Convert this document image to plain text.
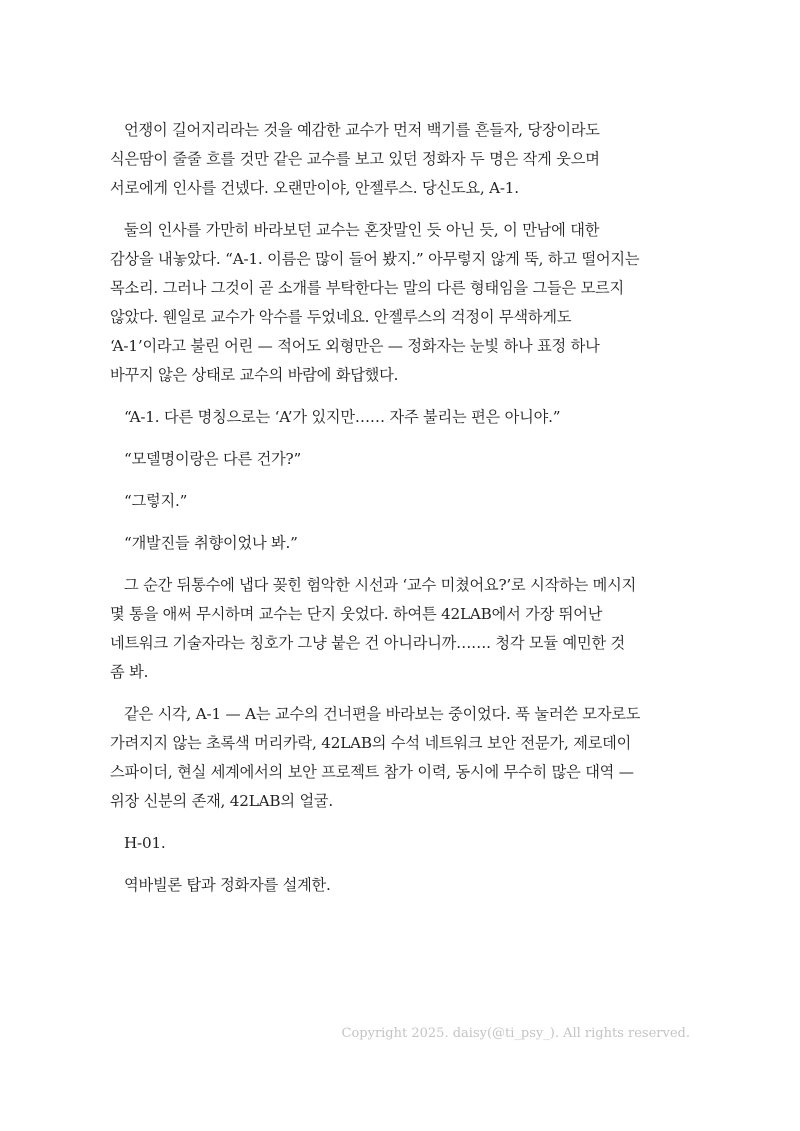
언쟁이 길어지리라는 것을 예감한 교수가 먼저 백기를 흔들자, 당장이라도
식은땀이 줄줄 흐를 것만 같은 교수를 보고 있던 정화자 두 명은 작게 웃으며
서로에게 인사를 건넸다. 오랜만이야, 안젤루스. 당신도요, A-1.

둘의 인사를 가만히 바라보던 교수는 혼잣말인 듯 아닌 듯, 이 만남에 대한
감상을 내놓았다. “A-1. 이름은 많이 들어 봤지.” 아무렇지 않게 뚝, 하고 떨어지는
목소리. 그러나 그것이 곧 소개를 부탁한다는 말의 다른 형태임을 그들은 모르지
않았다. 웬일로 교수가 악수를 두었네요. 안젤루스의 걱정이 무색하게도
‘A-1’이라고 불린 어린 — 적어도 외형만은 — 정화자는 눈빛 하나 표정 하나
바꾸지 않은 상태로 교수의 바람에 화답했다.

“A-1. 다른 명칭으로는 ‘A’가 있지만…… 자주 불리는 편은 아니야.”

“모델명이랑은 다른 건가?”

“그렇지.”

“개발진들 취향이었나 봐.”

그 순간 뒤통수에 냅다 꽂힌 험악한 시선과 ‘교수 미쳤어요?’로 시작하는 메시지
몇 통을 애써 무시하며 교수는 단지 웃었다. 하여튼 42LAB에서 가장 뛰어난
네트워크 기술자라는 칭호가 그냥 붙은 건 아니라니까……. 청각 모듈 예민한 것
좀 봐.

같은 시각, A-1 — A는 교수의 건너편을 바라보는 중이었다. 푹 눌러쓴 모자로도
가려지지 않는 초록색 머리카락, 42LAB의 수석 네트워크 보안 전문가, 제로데이
스파이더, 현실 세계에서의 보안 프로젝트 참가 이력, 동시에 무수히 많은 대역 —
위장 신분의 존재, 42LAB의 얼굴.

H-01.

역바빌론 탑과 정화자를 설계한.

Copyright 2025. daisy(@ti_psy_). All rights reserved.
